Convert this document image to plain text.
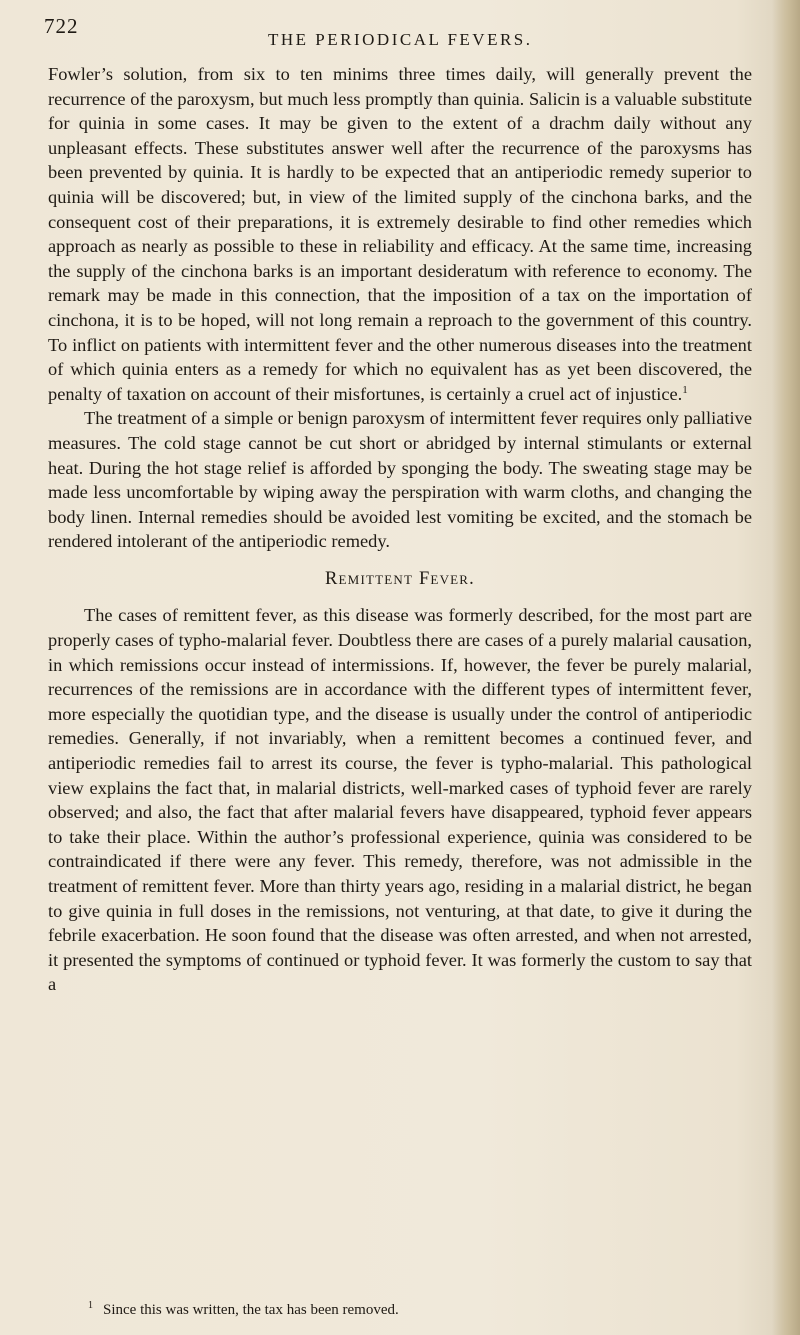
722
THE PERIODICAL FEVERS.

Fowler’s solution, from six to ten minims three times daily, will generally prevent the recurrence of the paroxysm, but much less promptly than quinia. Salicin is a valuable substitute for quinia in some cases. It may be given to the extent of a drachm daily without any unpleasant effects. These substitutes answer well after the recurrence of the paroxysms has been prevented by quinia. It is hardly to be expected that an antiperiodic remedy superior to quinia will be discovered; but, in view of the limited supply of the cinchona barks, and the consequent cost of their preparations, it is extremely desirable to find other remedies which approach as nearly as possible to these in reliability and efficacy. At the same time, increasing the supply of the cinchona barks is an important desideratum with reference to economy. The remark may be made in this connection, that the imposition of a tax on the importation of cinchona, it is to be hoped, will not long remain a reproach to the government of this country. To inflict on patients with intermittent fever and the other numerous diseases into the treatment of which quinia enters as a remedy for which no equivalent has as yet been discovered, the penalty of taxation on account of their misfortunes, is certainly a cruel act of injustice.$^1$

The treatment of a simple or benign paroxysm of intermittent fever requires only palliative measures. The cold stage cannot be cut short or abridged by internal stimulants or external heat. During the hot stage relief is afforded by sponging the body. The sweating stage may be made less uncomfortable by wiping away the perspiration with warm cloths, and changing the body linen. Internal remedies should be avoided lest vomiting be excited, and the stomach be rendered intolerant of the antiperiodic remedy.

Remittent Fever.

The cases of remittent fever, as this disease was formerly described, for the most part are properly cases of typho-malarial fever. Doubtless there are cases of a purely malarial causation, in which remissions occur instead of intermissions. If, however, the fever be purely malarial, recurrences of the remissions are in accordance with the different types of intermittent fever, more especially the quotidian type, and the disease is usually under the control of antiperiodic remedies. Generally, if not invariably, when a remittent becomes a continued fever, and antiperiodic remedies fail to arrest its course, the fever is typho-malarial. This pathological view explains the fact that, in malarial districts, well-marked cases of typhoid fever are rarely observed; and also, the fact that after malarial fevers have disappeared, typhoid fever appears to take their place. Within the author’s professional experience, quinia was considered to be contraindicated if there were any fever. This remedy, therefore, was not admissible in the treatment of remittent fever. More than thirty years ago, residing in a malarial district, he began to give quinia in full doses in the remissions, not venturing, at that date, to give it during the febrile exacerbation. He soon found that the disease was often arrested, and when not arrested, it presented the symptoms of continued or typhoid fever. It was formerly the custom to say that a

$^1$ Since this was written, the tax has been removed.
